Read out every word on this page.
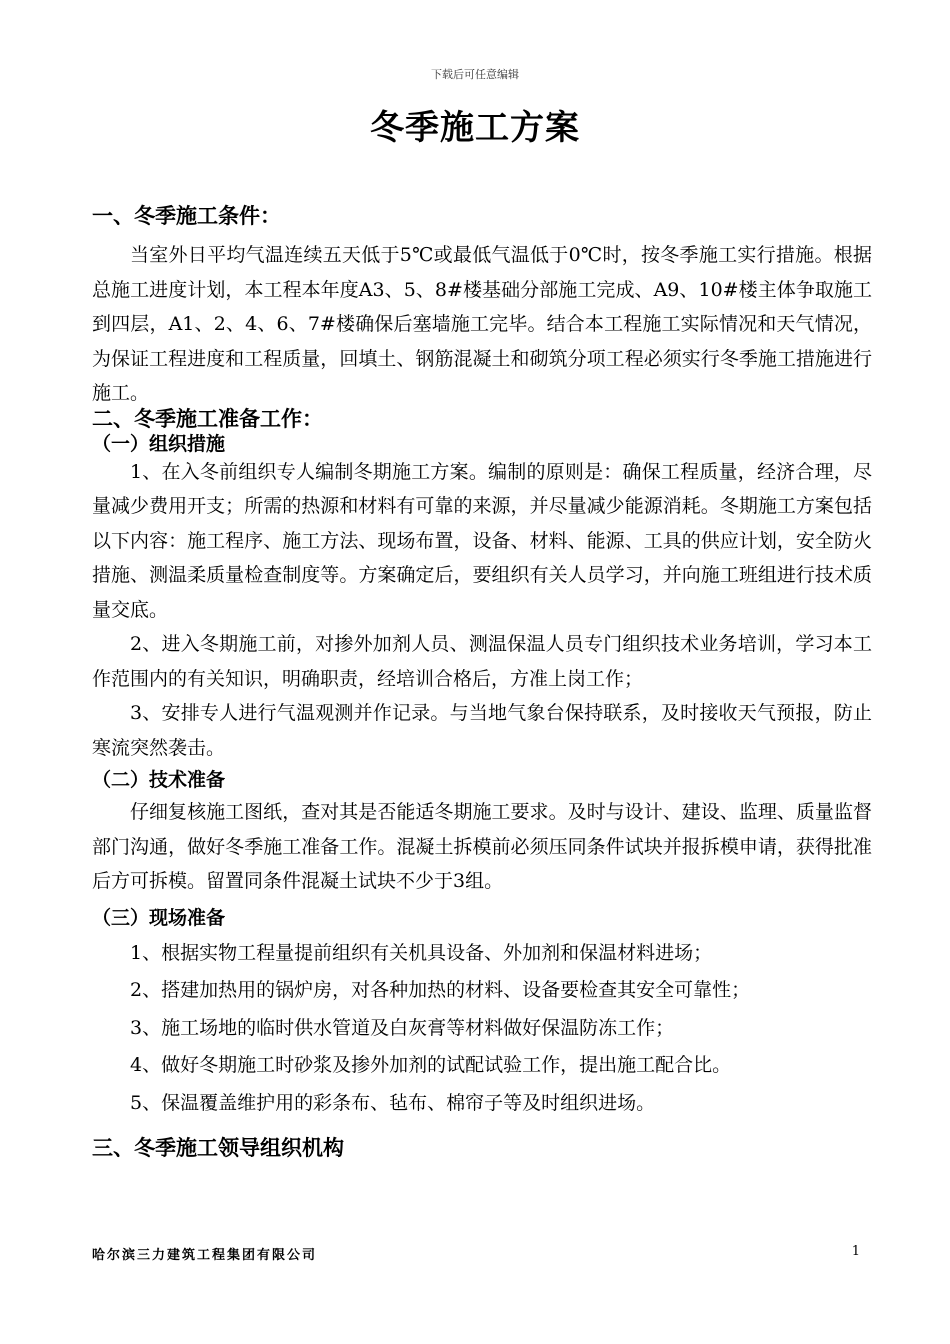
下载后可任意编辑
冬季施工方案
一、冬季施工条件：

当室外日平均气温连续五天低于5℃或最低气温低于0℃时，按冬季施工实行措施。根据总施工进度计划，本工程本年度A3、5、8#楼基础分部施工完成、A9、10#楼主体争取施工到四层，A1、2、4、6、7#楼确保后塞墙施工完毕。结合本工程施工实际情况和天气情况，为保证工程进度和工程质量，回填土、钢筋混凝土和砌筑分项工程必须实行冬季施工措施进行施工。

二、冬季施工准备工作：
（一）组织措施

1、在入冬前组织专人编制冬期施工方案。编制的原则是：确保工程质量，经济合理，尽量减少费用开支；所需的热源和材料有可靠的来源，并尽量减少能源消耗。冬期施工方案包括以下内容：施工程序、施工方法、现场布置，设备、材料、能源、工具的供应计划，安全防火措施、测温柔质量检查制度等。方案确定后，要组织有关人员学习，并向施工班组进行技术质量交底。

2、进入冬期施工前，对掺外加剂人员、测温保温人员专门组织技术业务培训，学习本工作范围内的有关知识，明确职责，经培训合格后，方准上岗工作；

3、安排专人进行气温观测并作记录。与当地气象台保持联系，及时接收天气预报，防止寒流突然袭击。

（二）技术准备

仔细复核施工图纸，查对其是否能适冬期施工要求。及时与设计、建设、监理、质量监督部门沟通，做好冬季施工准备工作。混凝土拆模前必须压同条件试块并报拆模申请，获得批准后方可拆模。留置同条件混凝土试块不少于3组。

（三）现场准备

1、根据实物工程量提前组织有关机具设备、外加剂和保温材料进场；

2、搭建加热用的锅炉房，对各种加热的材料、设备要检查其安全可靠性；

3、施工场地的临时供水管道及白灰膏等材料做好保温防冻工作；

4、做好冬期施工时砂浆及掺外加剂的试配试验工作，提出施工配合比。

5、保温覆盖维护用的彩条布、毡布、棉帘子等及时组织进场。

三、冬季施工领导组织机构
哈尔滨三力建筑工程集团有限公司	1
